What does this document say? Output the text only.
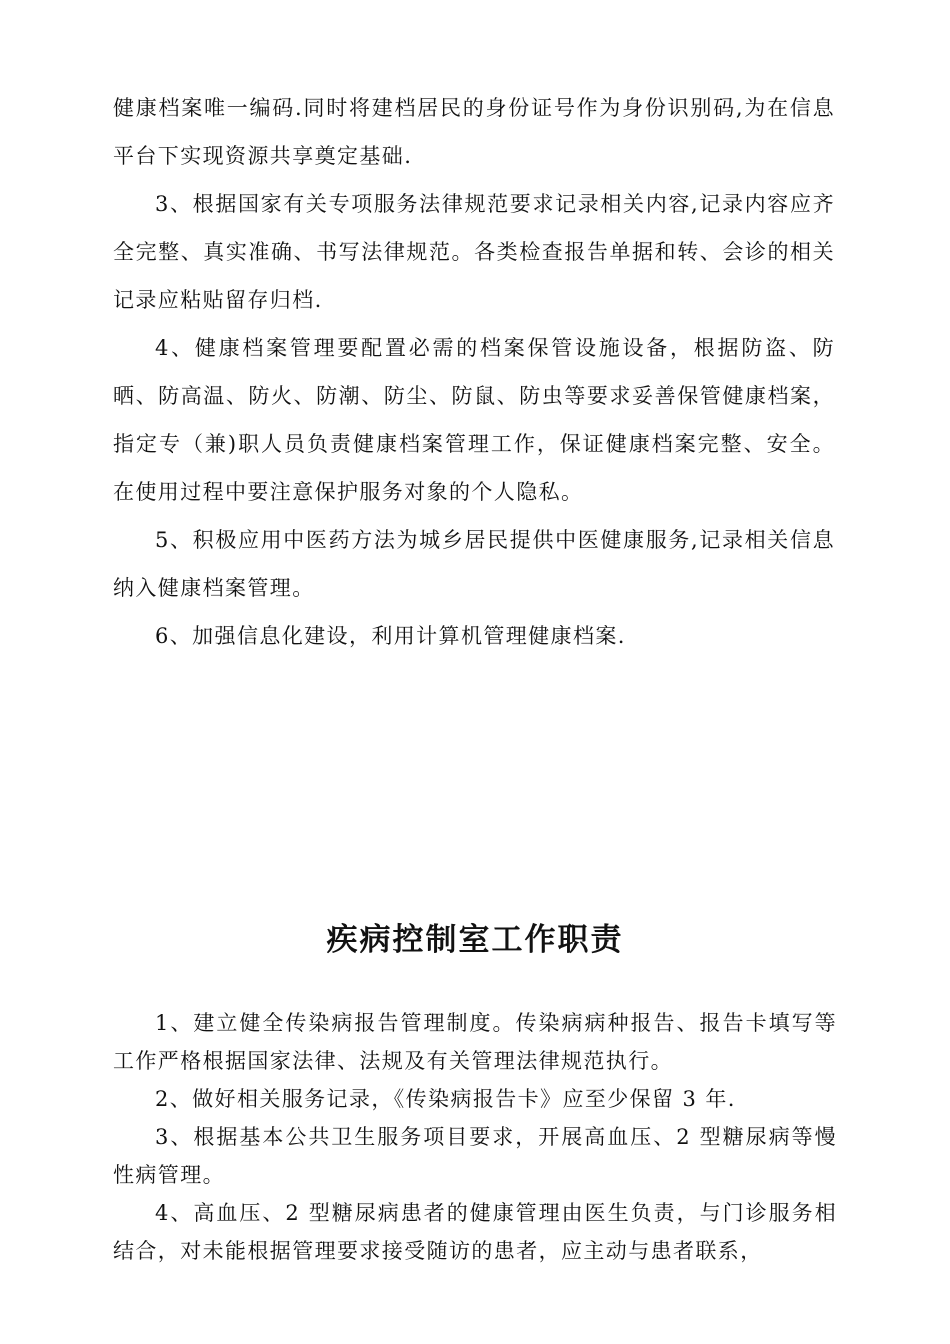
健康档案唯一编码.同时将建档居民的身份证号作为身份识别码,为在信息平台下实现资源共享奠定基础.

3、根据国家有关专项服务法律规范要求记录相关内容,记录内容应齐全完整、真实准确、书写法律规范。各类检查报告单据和转、会诊的相关记录应粘贴留存归档.

4、健康档案管理要配置必需的档案保管设施设备，根据防盗、防晒、防高温、防火、防潮、防尘、防鼠、防虫等要求妥善保管健康档案，指定专（兼)职人员负责健康档案管理工作，保证健康档案完整、安全。在使用过程中要注意保护服务对象的个人隐私。

5、积极应用中医药方法为城乡居民提供中医健康服务,记录相关信息纳入健康档案管理。

6、加强信息化建设，利用计算机管理健康档案.

疾病控制室工作职责

1、建立健全传染病报告管理制度。传染病病种报告、报告卡填写等工作严格根据国家法律、法规及有关管理法律规范执行。

2、做好相关服务记录，《传染病报告卡》应至少保留 3 年.

3、根据基本公共卫生服务项目要求，开展高血压、2 型糖尿病等慢性病管理。

4、高血压、2 型糖尿病患者的健康管理由医生负责，与门诊服务相结合，对未能根据管理要求接受随访的患者，应主动与患者联系，
